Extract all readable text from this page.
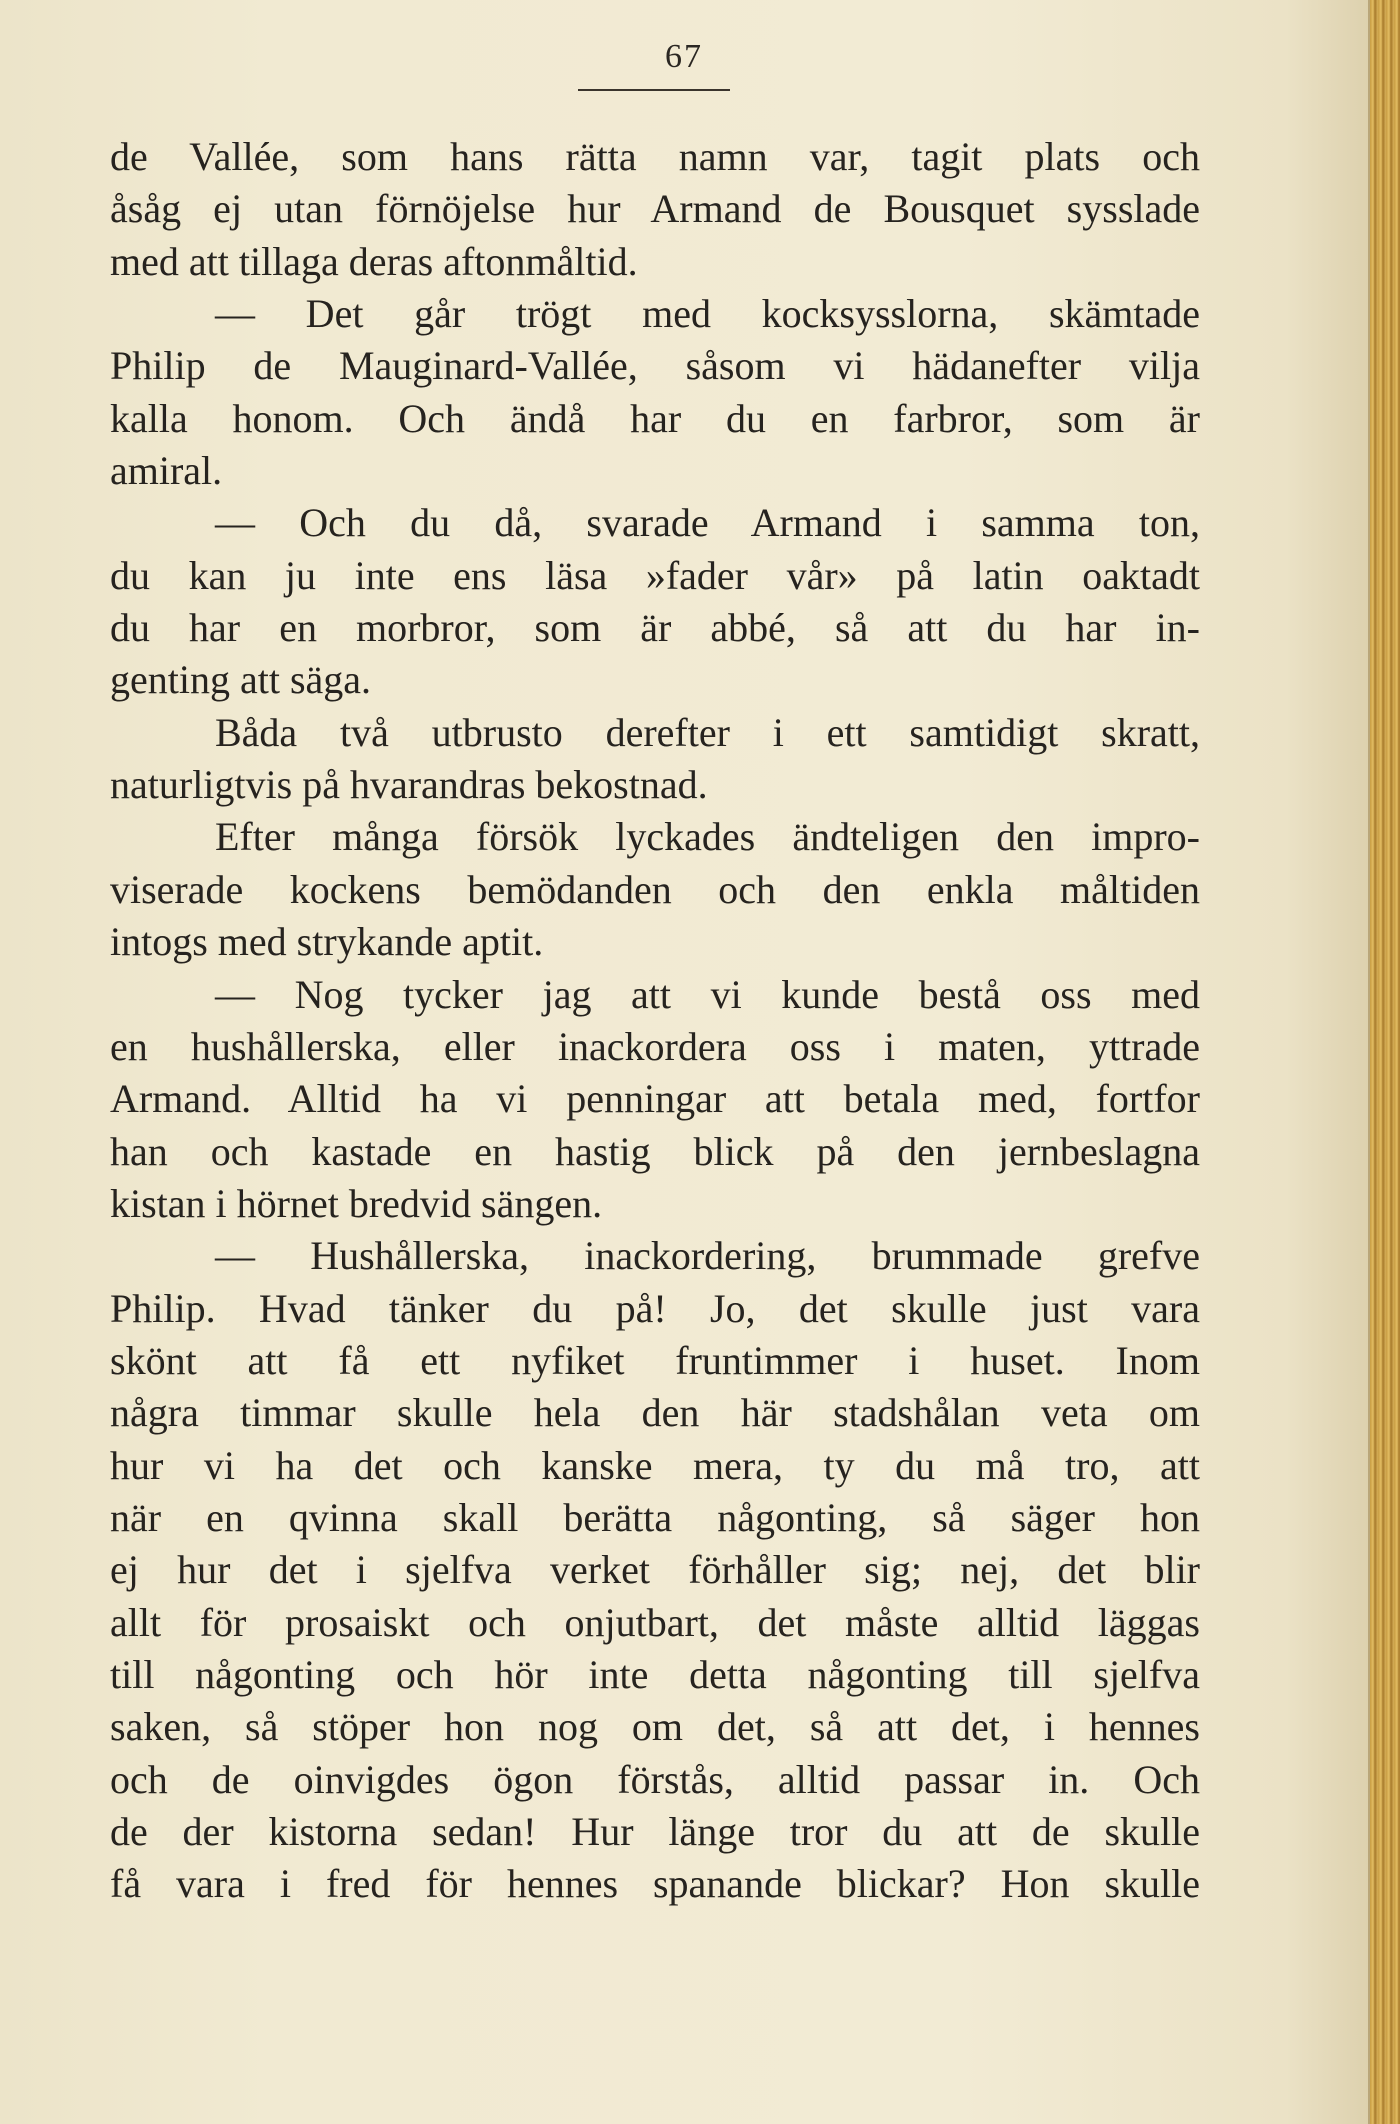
67
de Vallée, som hans rätta namn var, tagit plats och
åsåg ej utan förnöjelse hur Armand de Bousquet sysslade
med att tillaga deras aftonmåltid.
— Det går trögt med kocksysslorna, skämtade
Philip de Mauginard-Vallée, såsom vi hädanefter vilja
kalla honom. Och ändå har du en farbror, som är
amiral.
— Och du då, svarade Armand i samma ton,
du kan ju inte ens läsa »fader vår» på latin oaktadt
du har en morbror, som är abbé, så att du har in-
genting att säga.
Båda två utbrusto derefter i ett samtidigt skratt,
naturligtvis på hvarandras bekostnad.
Efter många försök lyckades ändteligen den impro-
viserade kockens bemödanden och den enkla måltiden
intogs med strykande aptit.
— Nog tycker jag att vi kunde bestå oss med
en hushållerska, eller inackordera oss i maten, yttrade
Armand. Alltid ha vi penningar att betala med, fortfor
han och kastade en hastig blick på den jernbeslagna
kistan i hörnet bredvid sängen.
— Hushållerska, inackordering, brummade grefve
Philip. Hvad tänker du på! Jo, det skulle just vara
skönt att få ett nyfiket fruntimmer i huset. Inom
några timmar skulle hela den här stadshålan veta om
hur vi ha det och kanske mera, ty du må tro, att
när en qvinna skall berätta någonting, så säger hon
ej hur det i sjelfva verket förhåller sig; nej, det blir
allt för prosaiskt och onjutbart, det måste alltid läggas
till någonting och hör inte detta någonting till sjelfva
saken, så stöper hon nog om det, så att det, i hennes
och de oinvigdes ögon förstås, alltid passar in. Och
de der kistorna sedan! Hur länge tror du att de skulle
få vara i fred för hennes spanande blickar? Hon skulle
